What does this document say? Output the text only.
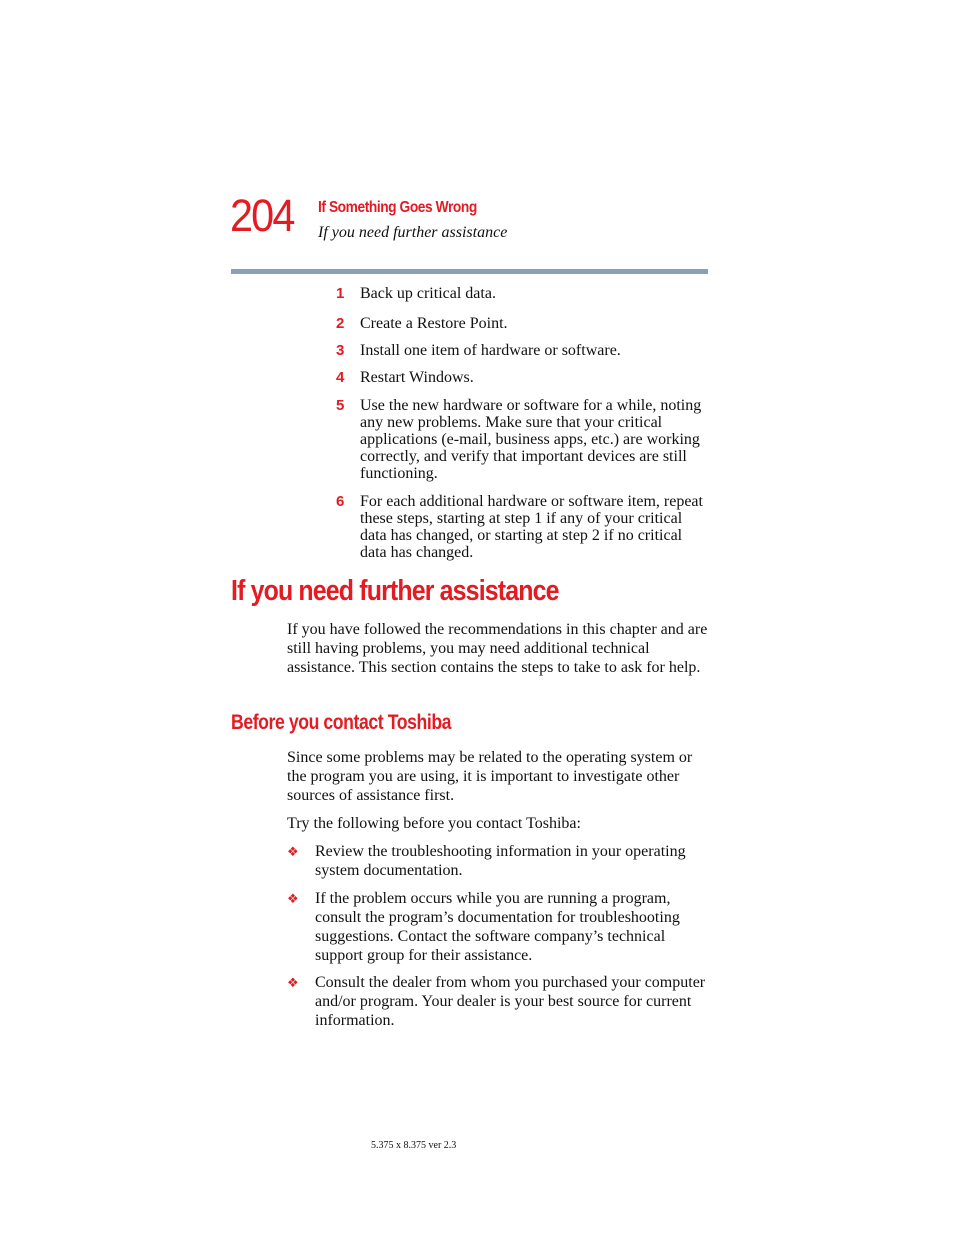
204 If Something Goes Wrong
If you need further assistance
1 Back up critical data.
2 Create a Restore Point.
3 Install one item of hardware or software.
4 Restart Windows.
5 Use the new hardware or software for a while, noting any new problems. Make sure that your critical applications (e-mail, business apps, etc.) are working correctly, and verify that important devices are still functioning.
6 For each additional hardware or software item, repeat these steps, starting at step 1 if any of your critical data has changed, or starting at step 2 if no critical data has changed.
If you need further assistance
If you have followed the recommendations in this chapter and are still having problems, you may need additional technical assistance. This section contains the steps to take to ask for help.
Before you contact Toshiba
Since some problems may be related to the operating system or the program you are using, it is important to investigate other sources of assistance first.
Try the following before you contact Toshiba:
❖ Review the troubleshooting information in your operating system documentation.
❖ If the problem occurs while you are running a program, consult the program’s documentation for troubleshooting suggestions. Contact the software company’s technical support group for their assistance.
❖ Consult the dealer from whom you purchased your computer and/or program. Your dealer is your best source for current information.
5.375 x 8.375 ver 2.3
